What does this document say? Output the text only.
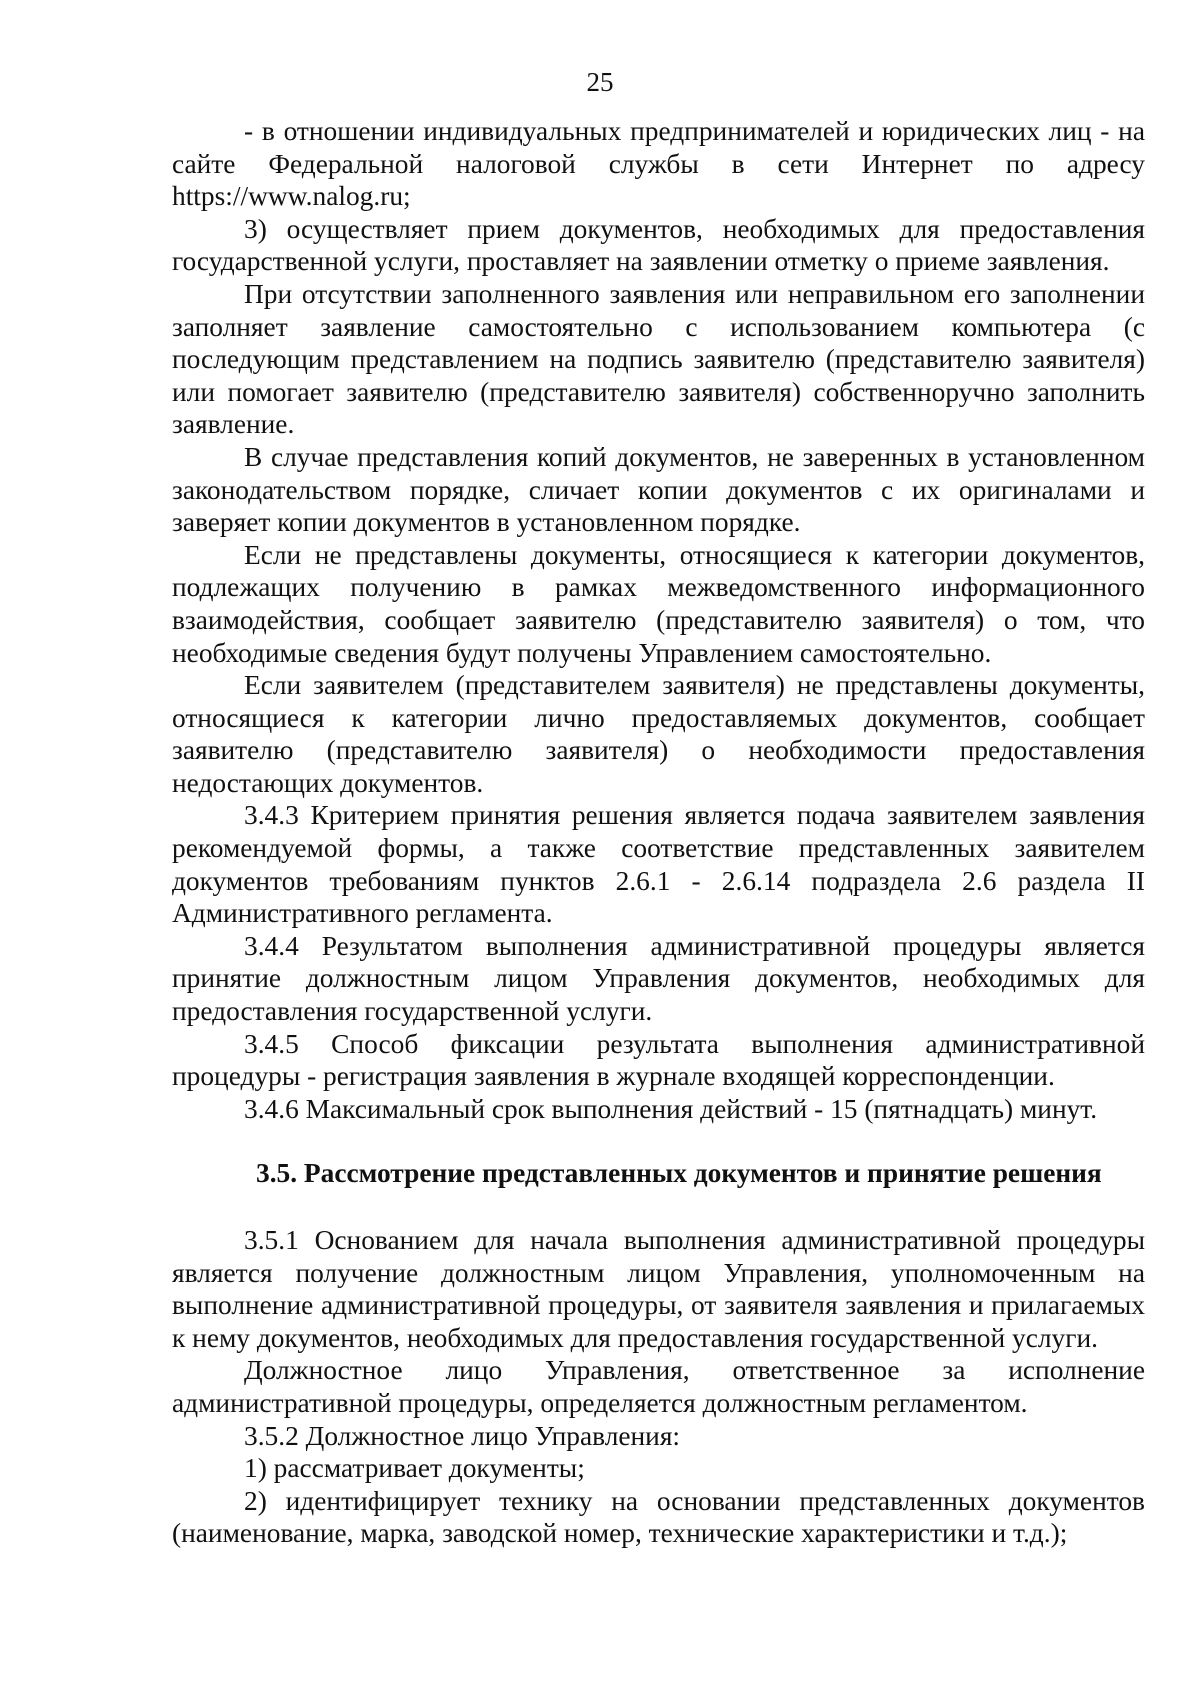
25

- в отношении индивидуальных предпринимателей и юридических лиц - на сайте Федеральной налоговой службы в сети Интернет по адресу https://www.nalog.ru;

3) осуществляет прием документов, необходимых для предоставления государственной услуги, проставляет на заявлении отметку о приеме заявления.

При отсутствии заполненного заявления или неправильном его заполнении заполняет заявление самостоятельно с использованием компьютера (с последующим представлением на подпись заявителю (представителю заявителя) или помогает заявителю (представителю заявителя) собственноручно заполнить заявление.

В случае представления копий документов, не заверенных в установленном законодательством порядке, сличает копии документов с их оригиналами и заверяет копии документов в установленном порядке.

Если не представлены документы, относящиеся к категории документов, подлежащих получению в рамках межведомственного информационного взаимодействия, сообщает заявителю (представителю заявителя) о том, что необходимые сведения будут получены Управлением самостоятельно.

Если заявителем (представителем заявителя) не представлены документы, относящиеся к категории лично предоставляемых документов, сообщает заявителю (представителю заявителя) о необходимости предоставления недостающих документов.

3.4.3 Критерием принятия решения является подача заявителем заявления рекомендуемой формы, а также соответствие представленных заявителем документов требованиям пунктов 2.6.1 - 2.6.14 подраздела 2.6 раздела II Административного регламента.

3.4.4 Результатом выполнения административной процедуры является принятие должностным лицом Управления документов, необходимых для предоставления государственной услуги.

3.4.5 Способ фиксации результата выполнения административной процедуры - регистрация заявления в журнале входящей корреспонденции.

3.4.6 Максимальный срок выполнения действий - 15 (пятнадцать) минут.

3.5. Рассмотрение представленных документов и принятие решения

3.5.1 Основанием для начала выполнения административной процедуры является получение должностным лицом Управления, уполномоченным на выполнение административной процедуры, от заявителя заявления и прилагаемых к нему документов, необходимых для предоставления государственной услуги.

Должностное лицо Управления, ответственное за исполнение административной процедуры, определяется должностным регламентом.

3.5.2 Должностное лицо Управления:

1) рассматривает документы;

2) идентифицирует технику на основании представленных документов (наименование, марка, заводской номер, технические характеристики и т.д.);
